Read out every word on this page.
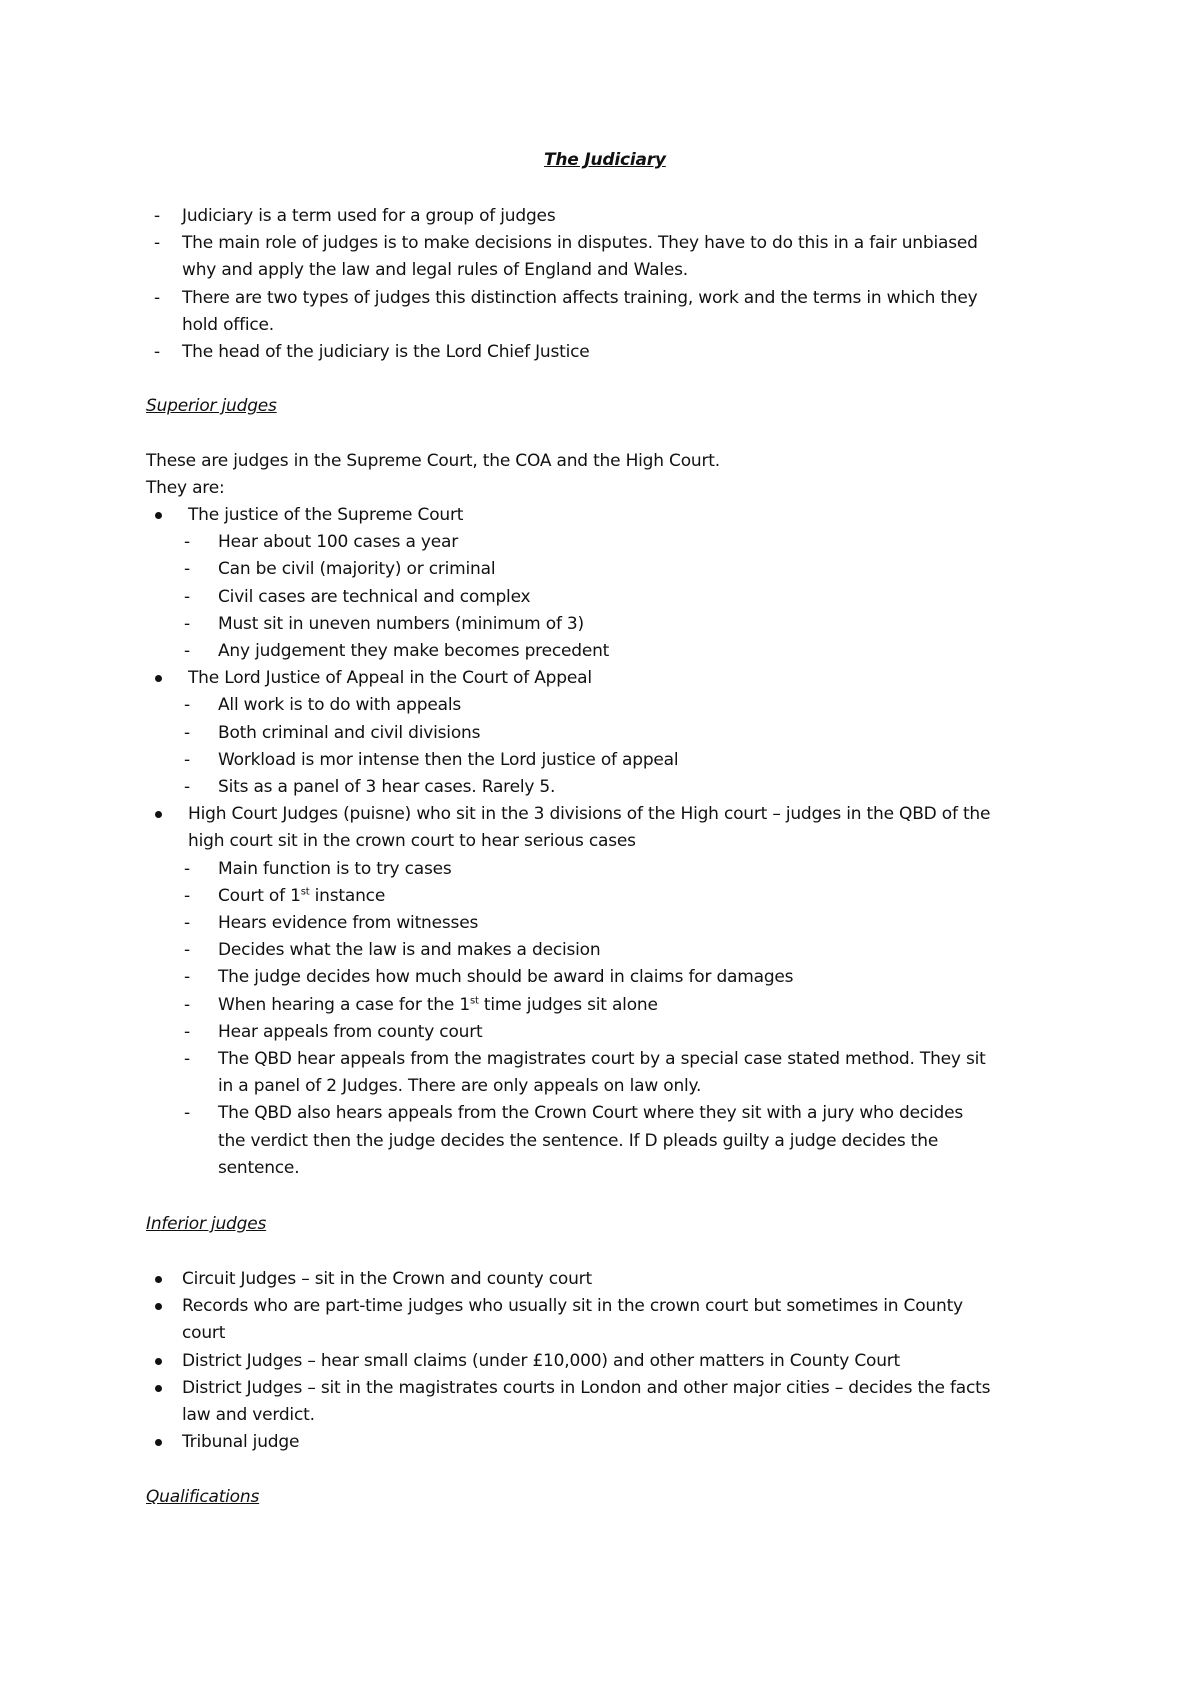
The Judiciary
Superior judges
These are judges in the Supreme Court, the COA and the High Court.
They are:
Inferior judges
Qualifications
- Judiciary is a term used for a group of judges
- The main role of judges is to make decisions in disputes. They have to do this in a fair unbiased
why and apply the law and legal rules of England and Wales.
- There are two types of judges this distinction affects training, work and the terms in which they
hold office.
- The head of the judiciary is the Lord Chief Justice
The justice of the Supreme Court
- Hear about 100 cases a year
- Can be civil (majority) or criminal
- Civil cases are technical and complex
- Must sit in uneven numbers (minimum of 3)
- Any judgement they make becomes precedent
The Lord Justice of Appeal in the Court of Appeal
- All work is to do with appeals
- Both criminal and civil divisions
- Workload is mor intense then the Lord justice of appeal
- Sits as a panel of 3 hear cases. Rarely 5.
High Court Judges (puisne) who sit in the 3 divisions of the High court – judges in the QBD of the
high court sit in the crown court to hear serious cases
- Main function is to try cases
- Court of 1st instance
- Hears evidence from witnesses
- Decides what the law is and makes a decision
- The judge decides how much should be award in claims for damages
- When hearing a case for the 1st time judges sit alone
- Hear appeals from county court
- The QBD hear appeals from the magistrates court by a special case stated method. They sit
in a panel of 2 Judges. There are only appeals on law only.
- The QBD also hears appeals from the Crown Court where they sit with a jury who decides
the verdict then the judge decides the sentence. If D pleads guilty a judge decides the
sentence.
Circuit Judges – sit in the Crown and county court
Records who are part-time judges who usually sit in the crown court but sometimes in County
court
District Judges – hear small claims (under £10,000) and other matters in County Court
District Judges – sit in the magistrates courts in London and other major cities – decides the facts
law and verdict.
Tribunal judge
